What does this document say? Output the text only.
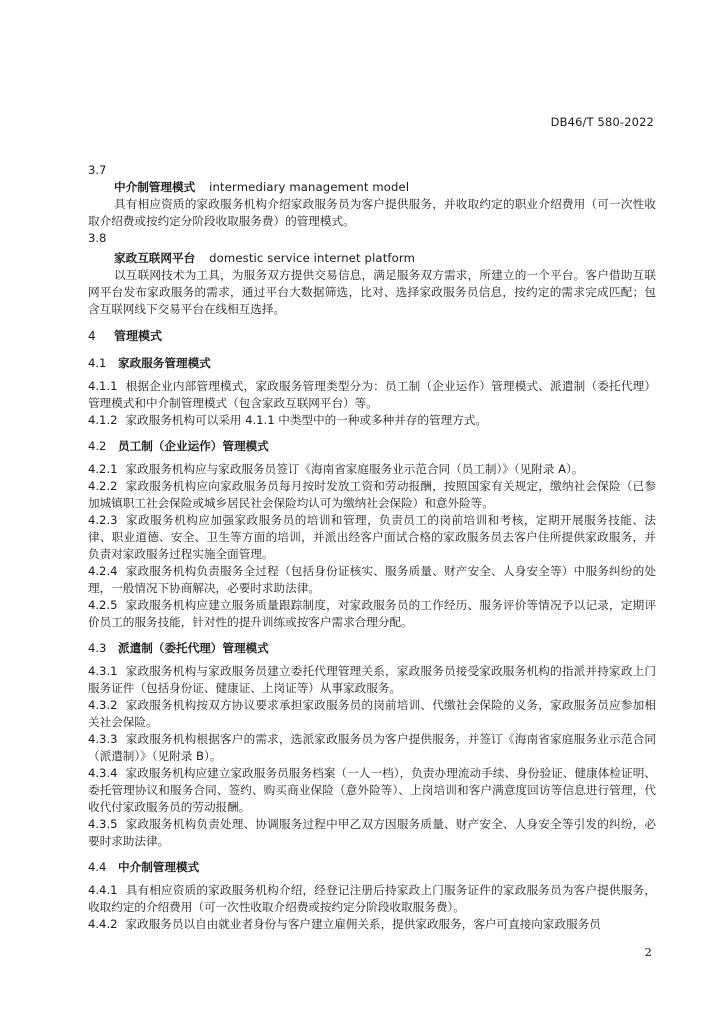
DB46/T 580-2022

3.7

中介制管理模式 intermediary management model

具有相应资质的家政服务机构介绍家政服务员为客户提供服务，并收取约定的职业介绍费用（可一次性收取介绍费或按约定分阶段收取服务费）的管理模式。

3.8

家政互联网平台 domestic service internet platform

以互联网技术为工具，为服务双方提供交易信息，满足服务双方需求，所建立的一个平台。客户借助互联网平台发布家政服务的需求，通过平台大数据筛选，比对、选择家政服务员信息，按约定的需求完成匹配；包含互联网线下交易平台在线相互选择。

4 管理模式
4.1 家政服务管理模式

4.1.1 根据企业内部管理模式，家政服务管理类型分为：员工制（企业运作）管理模式、派遣制（委托代理）管理模式和中介制管理模式（包含家政互联网平台）等。

4.1.2 家政服务机构可以采用 4.1.1 中类型中的一种或多种并存的管理方式。

4.2 员工制（企业运作）管理模式

4.2.1 家政服务机构应与家政服务员签订《海南省家庭服务业示范合同（员工制）》（见附录 A）。

4.2.2 家政服务机构应向家政服务员每月按时发放工资和劳动报酬，按照国家有关规定，缴纳社会保险（已参加城镇职工社会保险或城乡居民社会保险均认可为缴纳社会保险）和意外险等。

4.2.3 家政服务机构应加强家政服务员的培训和管理，负责员工的岗前培训和考核，定期开展服务技能、法律、职业道德、安全、卫生等方面的培训，并派出经客户面试合格的家政服务员去客户住所提供家政服务，并负责对家政服务过程实施全面管理。

4.2.4 家政服务机构负责服务全过程（包括身份证核实、服务质量、财产安全、人身安全等）中服务纠纷的处理，一般情况下协商解决，必要时求助法律。

4.2.5 家政服务机构应建立服务质量跟踪制度，对家政服务员的工作经历、服务评价等情况予以记录，定期评价员工的服务技能，针对性的提升训练或按客户需求合理分配。

4.3 派遣制（委托代理）管理模式

4.3.1 家政服务机构与家政服务员建立委托代理管理关系，家政服务员接受家政服务机构的指派并持家政上门服务证件（包括身份证、健康证、上岗证等）从事家政服务。

4.3.2 家政服务机构按双方协议要求承担家政服务员的岗前培训、代缴社会保险的义务，家政服务员应参加相关社会保险。

4.3.3 家政服务机构根据客户的需求，选派家政服务员为客户提供服务，并签订《海南省家庭服务业示范合同（派遣制）》（见附录 B）。

4.3.4 家政服务机构应建立家政服务员服务档案（一人一档），负责办理流动手续、身份验证、健康体检证明、委托管理协议和服务合同、签约、购买商业保险（意外险等）、上岗培训和客户满意度回访等信息进行管理，代收代付家政服务员的劳动报酬。

4.3.5 家政服务机构负责处理、协调服务过程中甲乙双方因服务质量、财产安全、人身安全等引发的纠纷，必要时求助法律。

4.4 中介制管理模式

4.4.1 具有相应资质的家政服务机构介绍，经登记注册后持家政上门服务证件的家政服务员为客户提供服务，收取约定的介绍费用（可一次性收取介绍费或按约定分阶段收取服务费）。

4.4.2 家政服务员以自由就业者身份与客户建立雇佣关系，提供家政服务，客户可直接向家政服务员

2
